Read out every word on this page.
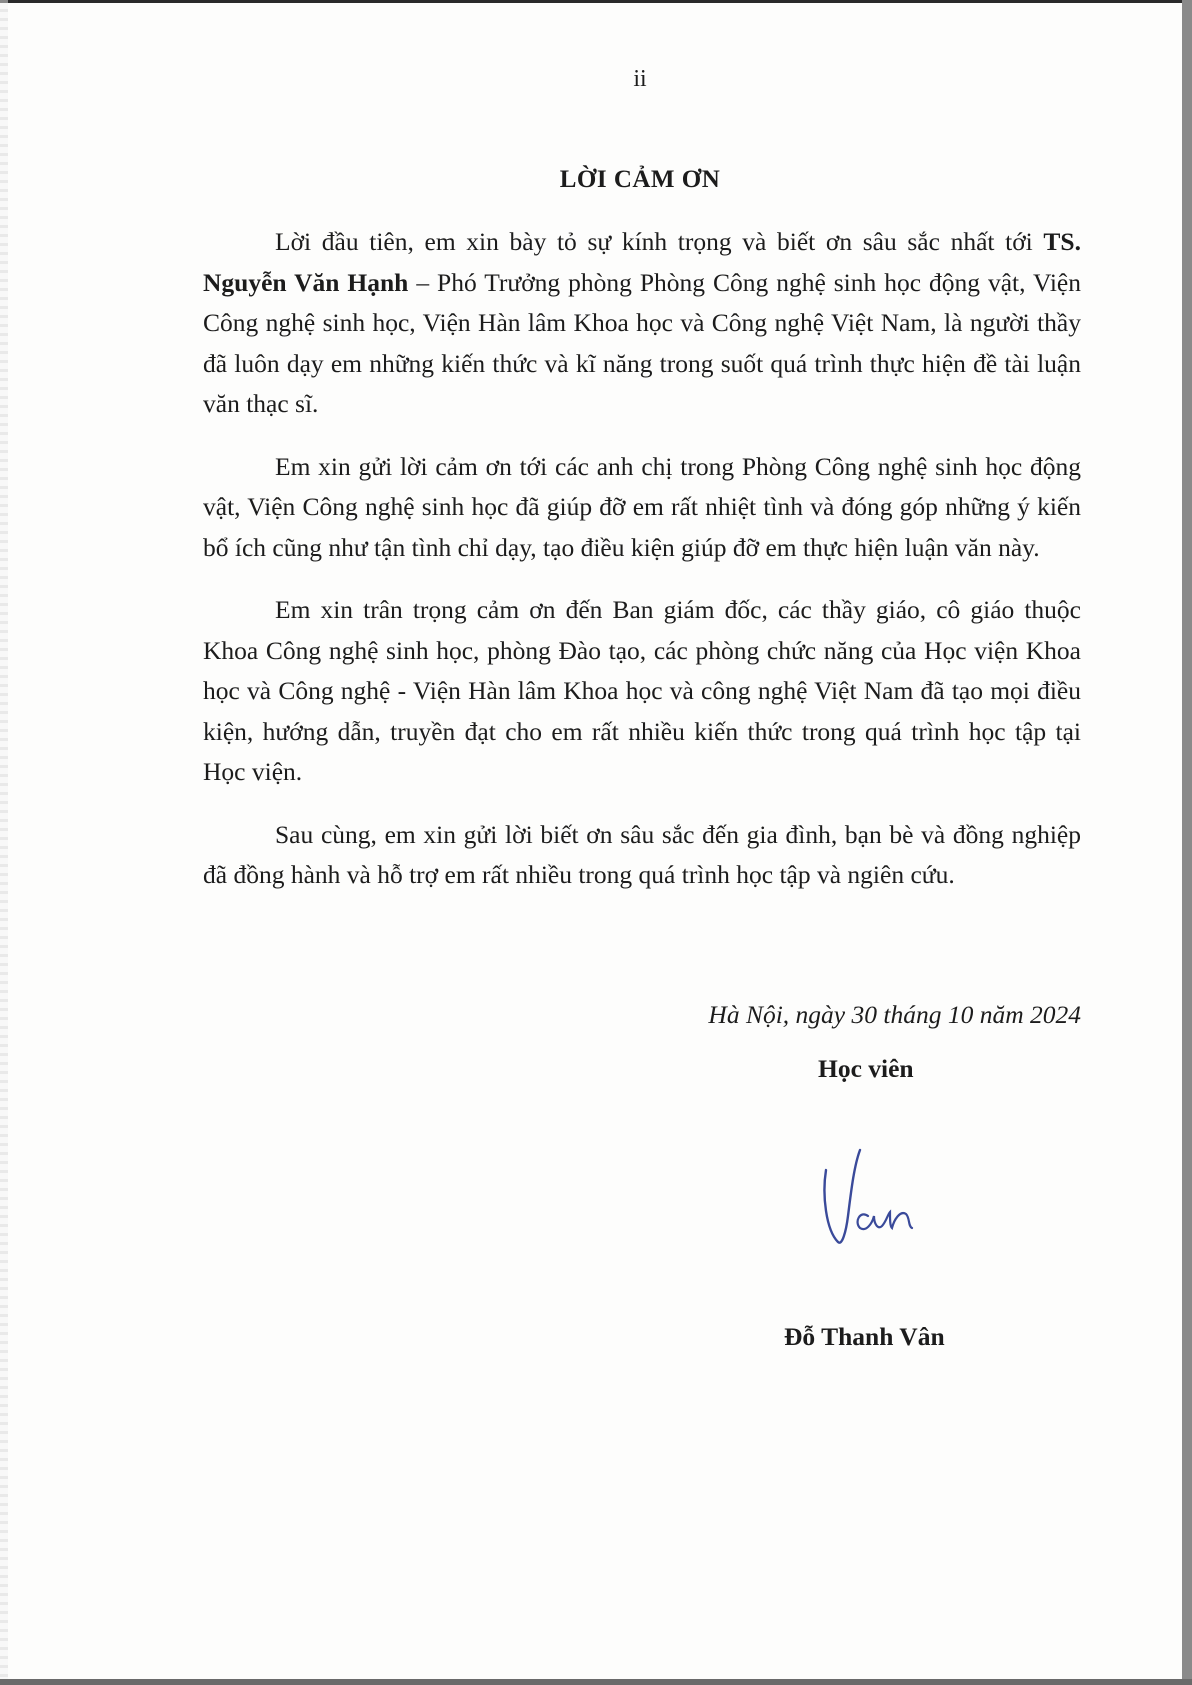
ii
LỜI CẢM ƠN

Lời đầu tiên, em xin bày tỏ sự kính trọng và biết ơn sâu sắc nhất tới TS. Nguyễn Văn Hạnh – Phó Trưởng phòng Phòng Công nghệ sinh học động vật, Viện Công nghệ sinh học, Viện Hàn lâm Khoa học và Công nghệ Việt Nam, là người thầy đã luôn dạy em những kiến thức và kĩ năng trong suốt quá trình thực hiện đề tài luận văn thạc sĩ.

Em xin gửi lời cảm ơn tới các anh chị trong Phòng Công nghệ sinh học động vật, Viện Công nghệ sinh học đã giúp đỡ em rất nhiệt tình và đóng góp những ý kiến bổ ích cũng như tận tình chỉ dạy, tạo điều kiện giúp đỡ em thực hiện luận văn này.

Em xin trân trọng cảm ơn đến Ban giám đốc, các thầy giáo, cô giáo thuộc Khoa Công nghệ sinh học, phòng Đào tạo, các phòng chức năng của Học viện Khoa học và Công nghệ - Viện Hàn lâm Khoa học và công nghệ Việt Nam đã tạo mọi điều kiện, hướng dẫn, truyền đạt cho em rất nhiều kiến thức trong quá trình học tập tại Học viện.

Sau cùng, em xin gửi lời biết ơn sâu sắc đến gia đình, bạn bè và đồng nghiệp đã đồng hành và hỗ trợ em rất nhiều trong quá trình học tập và ngiên cứu.

Hà Nội, ngày 30 tháng 10 năm 2024
Học viên
Đỗ Thanh Vân
